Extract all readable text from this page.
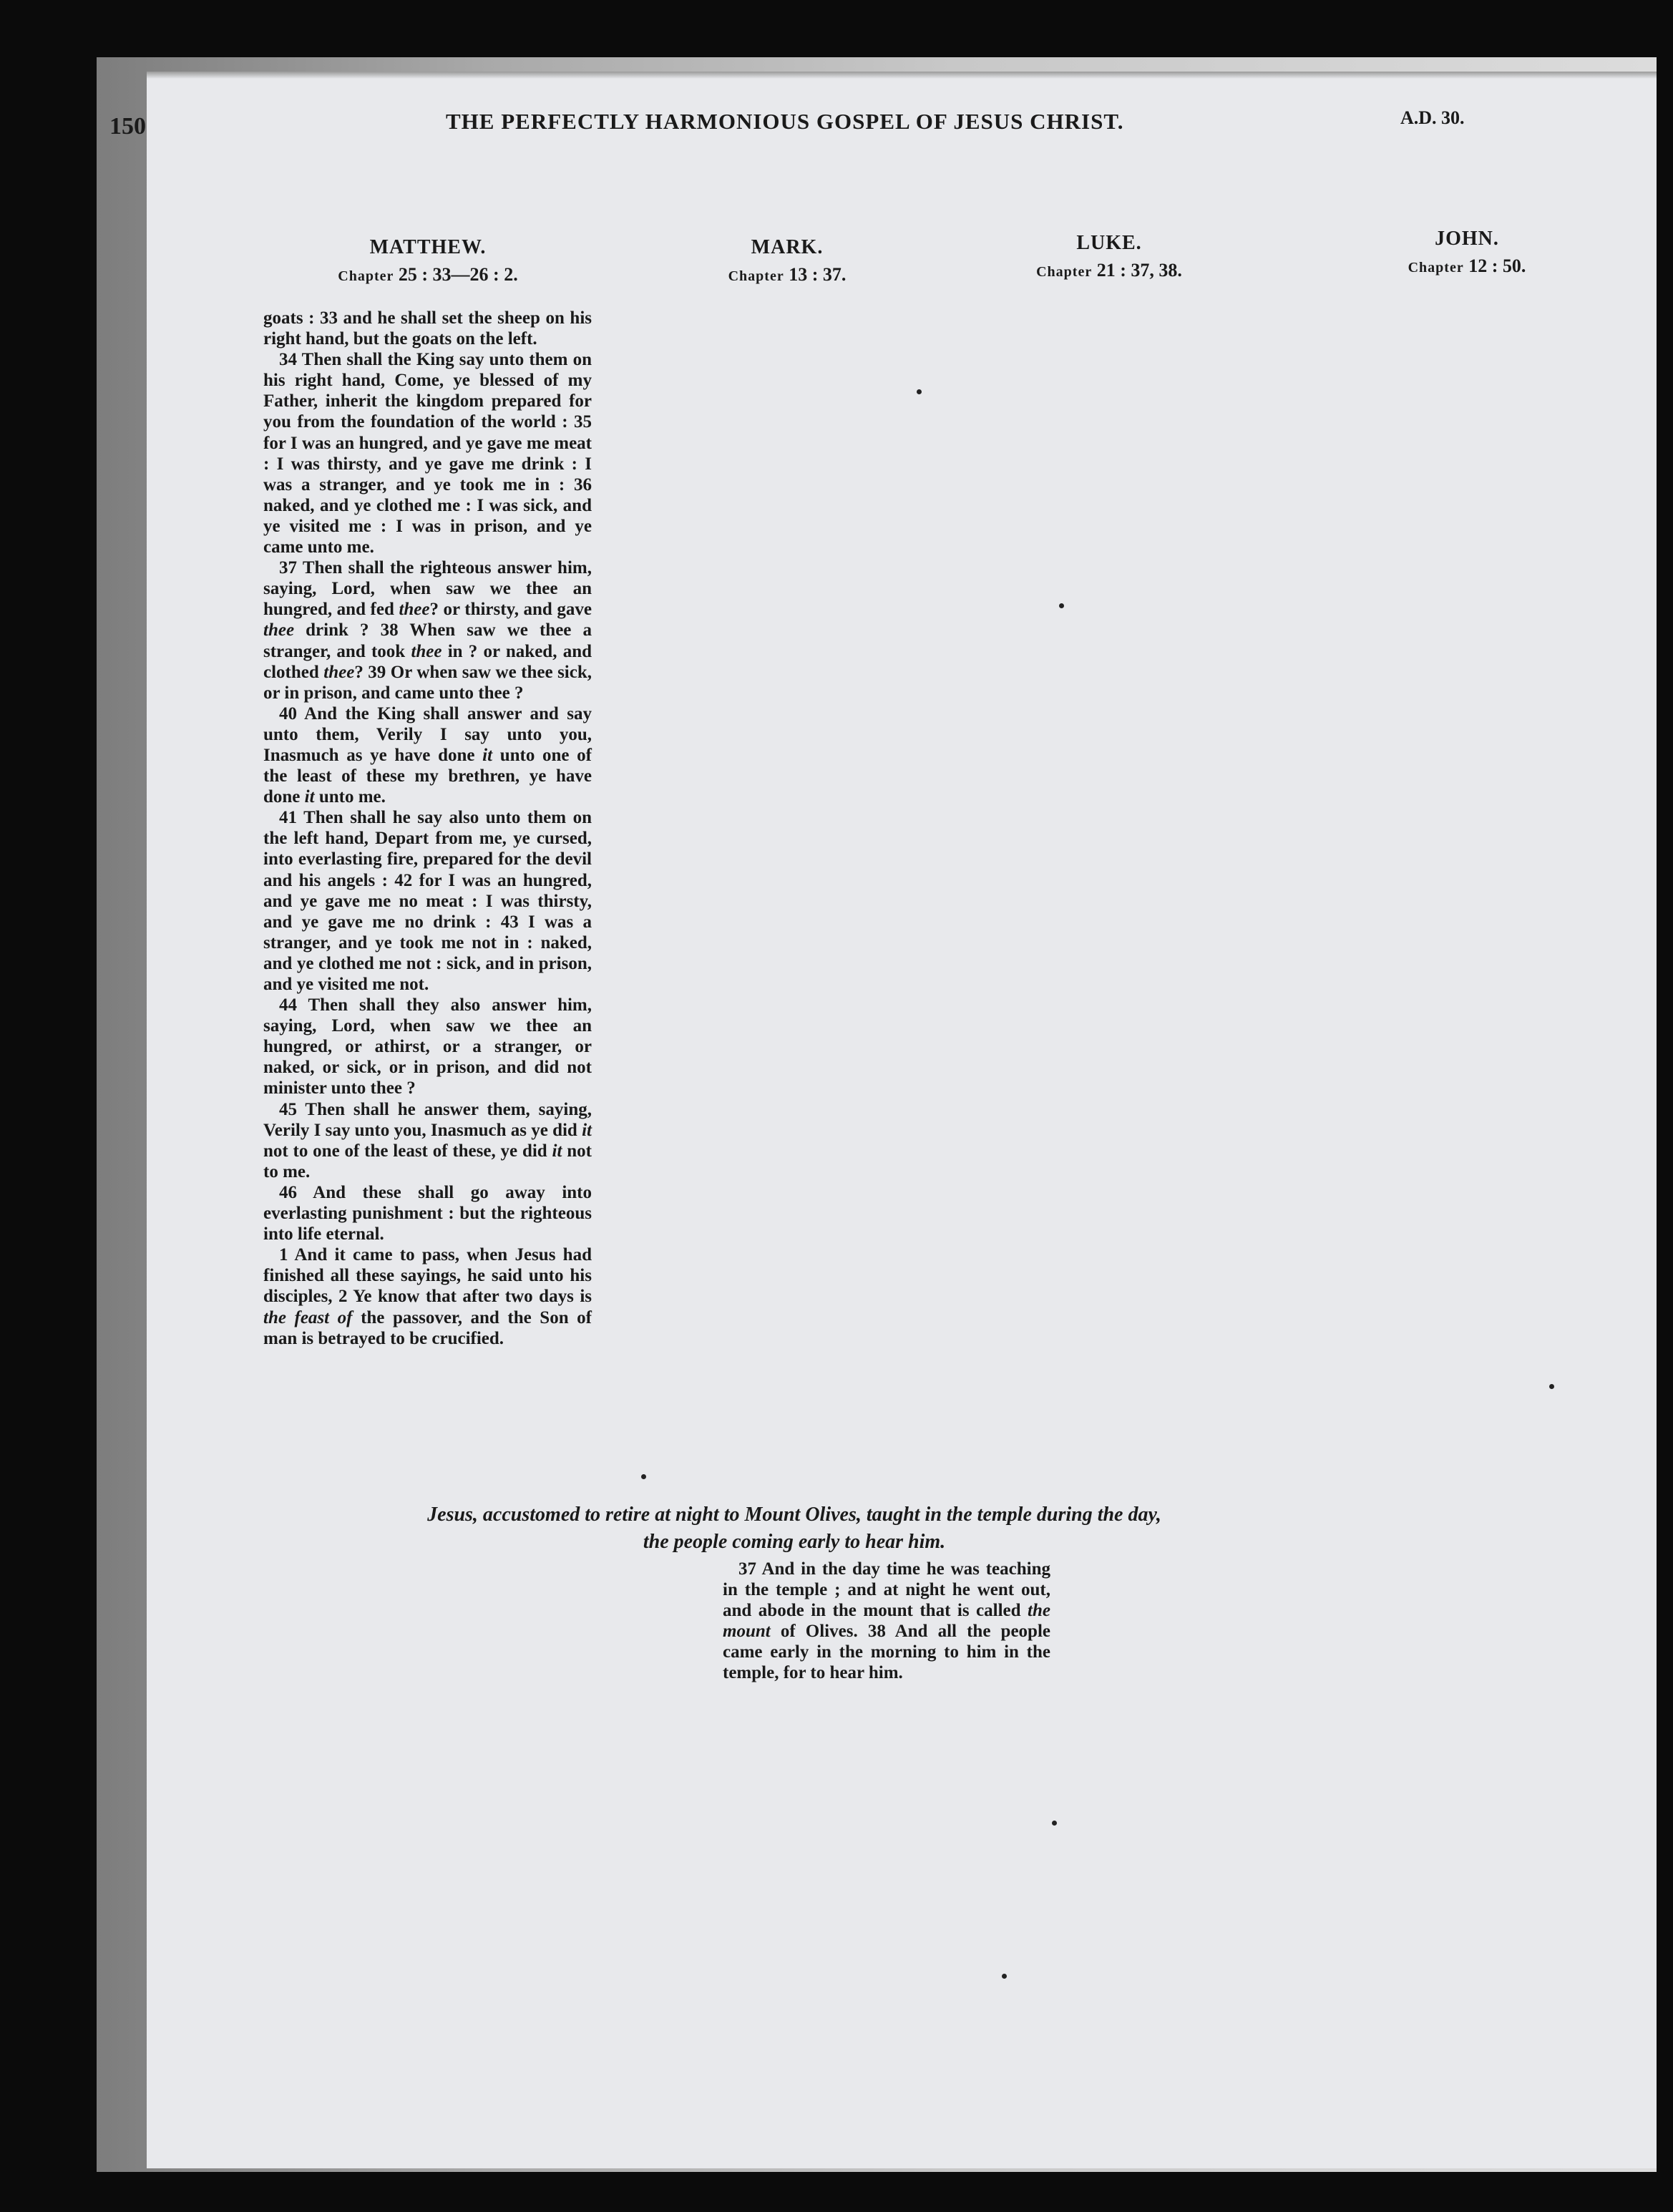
150	THE PERFECTLY HARMONIOUS GOSPEL OF JESUS CHRIST.	A.D. 30.
MATTHEW.
Chapter 25 : 33—26 : 2.
MARK.
Chapter 13 : 37.
LUKE.
Chapter 21 : 37, 38.
JOHN.
Chapter 12 : 50.

goats : 33 and he shall set the sheep on his right hand, but the goats on the left.

34 Then shall the King say unto them on his right hand, Come, ye blessed of my Father, inherit the kingdom prepared for you from the foundation of the world : 35 for I was an hungred, and ye gave me meat : I was thirsty, and ye gave me drink : I was a stranger, and ye took me in : 36 naked, and ye clothed me : I was sick, and ye visited me : I was in prison, and ye came unto me.

37 Then shall the righteous answer him, saying, Lord, when saw we thee an hungred, and fed thee? or thirsty, and gave thee drink ? 38 When saw we thee a stranger, and took thee in ? or naked, and clothed thee? 39 Or when saw we thee sick, or in prison, and came unto thee ?

40 And the King shall answer and say unto them, Verily I say unto you, Inasmuch as ye have done it unto one of the least of these my brethren, ye have done it unto me.

41 Then shall he say also unto them on the left hand, Depart from me, ye cursed, into everlasting fire, prepared for the devil and his angels : 42 for I was an hungred, and ye gave me no meat : I was thirsty, and ye gave me no drink : 43 I was a stranger, and ye took me not in : naked, and ye clothed me not : sick, and in prison, and ye visited me not.

44 Then shall they also answer him, saying, Lord, when saw we thee an hungred, or athirst, or a stranger, or naked, or sick, or in prison, and did not minister unto thee ?

45 Then shall he answer them, saying, Verily I say unto you, Inasmuch as ye did it not to one of the least of these, ye did it not to me.

46 And these shall go away into everlasting punishment : but the righteous into life eternal.

1 And it came to pass, when Jesus had finished all these sayings, he said unto his disciples, 2 Ye know that after two days is the feast of the passover, and the Son of man is betrayed to be crucified.

Jesus, accustomed to retire at night to Mount Olives, taught in the temple during the day,
the people coming early to hear him.

37 And in the day time he was teaching in the temple ; and at night he went out, and abode in the mount that is called the mount of Olives. 38 And all the people came early in the morning to him in the temple, for to hear him.
